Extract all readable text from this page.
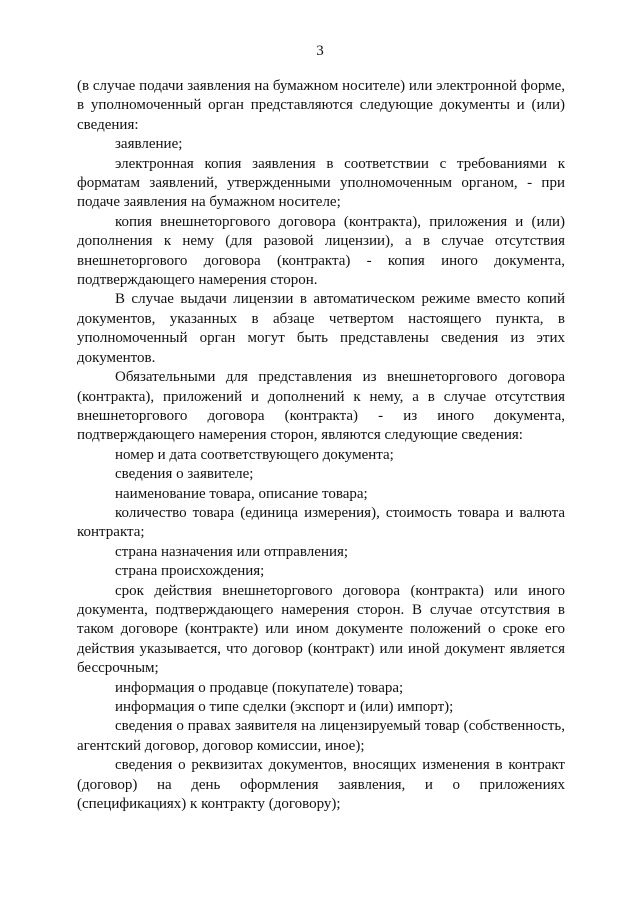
3

(в случае подачи заявления на бумажном носителе) или электронной форме, в уполномоченный орган представляются следующие документы и (или) сведения:

заявление;

электронная копия заявления в соответствии с требованиями к форматам заявлений, утвержденными уполномоченным органом, - при подаче заявления на бумажном носителе;

копия внешнеторгового договора (контракта), приложения и (или) дополнения к нему (для разовой лицензии), а в случае отсутствия внешнеторгового договора (контракта) - копия иного документа, подтверждающего намерения сторон.

В случае выдачи лицензии в автоматическом режиме вместо копий документов, указанных в абзаце четвертом настоящего пункта, в уполномоченный орган могут быть представлены сведения из этих документов.

Обязательными для представления из внешнеторгового договора (контракта), приложений и дополнений к нему, а в случае отсутствия внешнеторгового договора (контракта) - из иного документа, подтверждающего намерения сторон, являются следующие сведения:

номер и дата соответствующего документа;

сведения о заявителе;

наименование товара, описание товара;

количество товара (единица измерения), стоимость товара и валюта контракта;

страна назначения или отправления;

страна происхождения;

срок действия внешнеторгового договора (контракта) или иного документа, подтверждающего намерения сторон. В случае отсутствия в таком договоре (контракте) или ином документе положений о сроке его действия указывается, что договор (контракт) или иной документ является бессрочным;

информация о продавце (покупателе) товара;

информация о типе сделки (экспорт и (или) импорт);

сведения о правах заявителя на лицензируемый товар (собственность, агентский договор, договор комиссии, иное);

сведения о реквизитах документов, вносящих изменения в контракт (договор) на день оформления заявления, и о приложениях (спецификациях) к контракту (договору);
